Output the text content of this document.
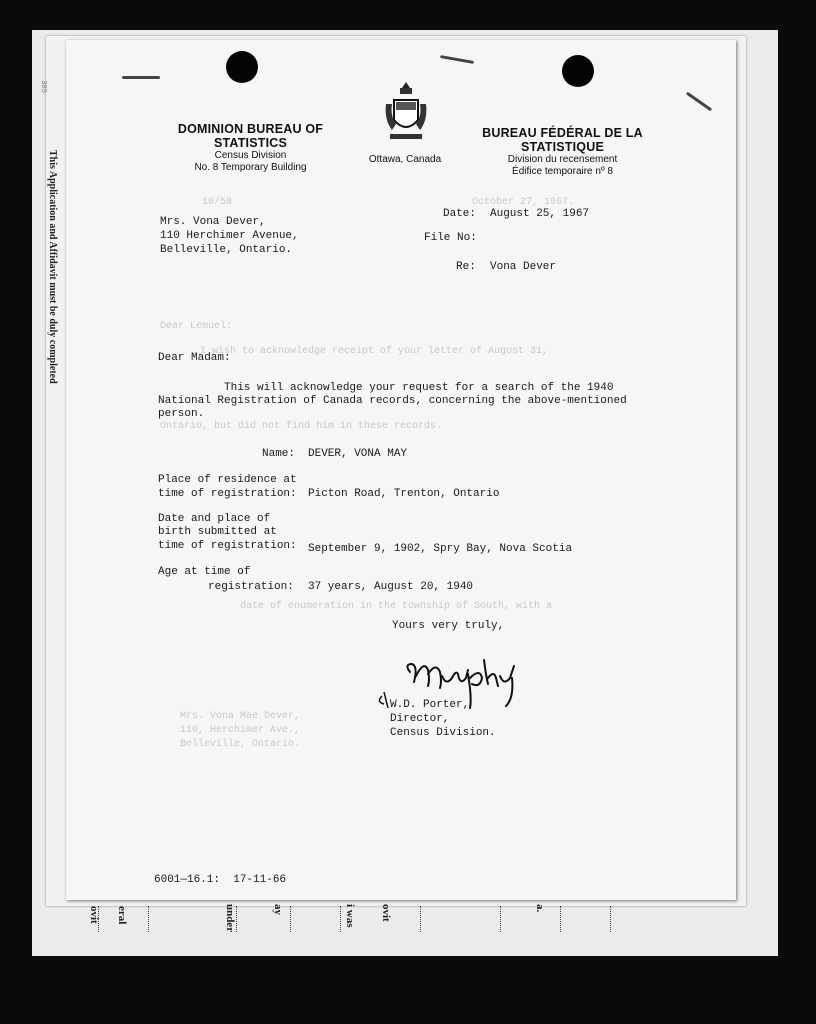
This Application and Affidavit must be duly completed
385
10/58                                        October 27, 1967.
Dear Lemuel:
I wish to acknowledge receipt of your letter of August 31,
Ontario, but did not find him in these records.
date of enumeration in the township of South, with a
Mrs. Vona Mae Dever,
110, Herchimer Ave.,
Belleville, Ontario.
DOMINION BUREAU OF STATISTICS
Census Division
No. 8 Temporary Building
Ottawa, Canada
BUREAU FÉDÉRAL DE LA STATISTIQUE
Division du recensement
Édifice temporaire nº 8
Mrs. Vona Dever,
110 Herchimer Avenue,
Belleville, Ontario.
Date: August 25, 1967
File No:
Re: Vona Dever
Dear Madam:
This will acknowledge your request for a search of the 1940
National Registration of Canada records, concerning the above-mentioned
person.
Name: DEVER, VONA MAY
Place of residence at
time of registration: Picton Road, Trenton, Ontario
Date and place of
birth submitted at
time of registration: September 9, 1902, Spry Bay, Nova Scotia
Age at time of
registration: 37 years, August 20, 1940
Yours very truly,
W.D. Porter,
Director,
Census Division.
6001—16.1:  17-11-66
ovit eral	under	ay	i was ovit	a.
